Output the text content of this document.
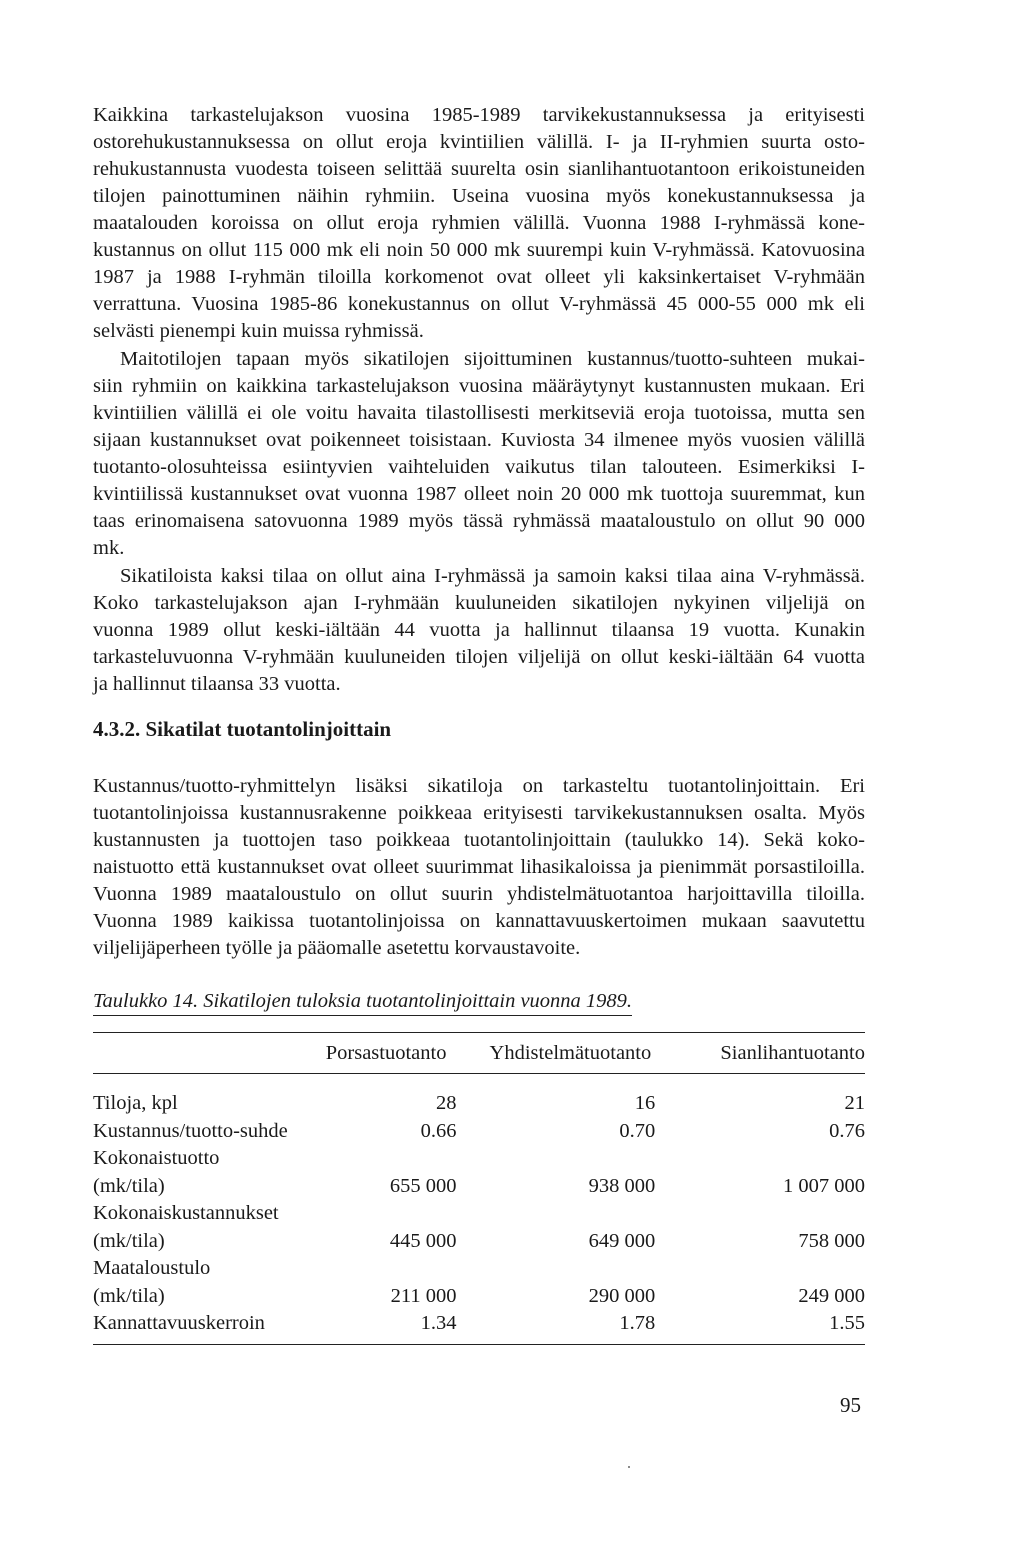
Kaikkina tarkastelujakson vuosina 1985-1989 tarvikekustannuksessa ja erityisesti
ostorehukustannuksessa on ollut eroja kvintiilien välillä. I- ja II-ryhmien suurta osto-
rehukustannusta vuodesta toiseen selittää suurelta osin sianlihantuotantoon erikoistuneiden
tilojen painottuminen näihin ryhmiin. Useina vuosina myös konekustannuksessa ja
maatalouden koroissa on ollut eroja ryhmien välillä. Vuonna 1988 I-ryhmässä kone-
kustannus on ollut 115 000 mk eli noin 50 000 mk suurempi kuin V-ryhmässä. Katovuosina
1987 ja 1988 I-ryhmän tiloilla korkomenot ovat olleet yli kaksinkertaiset V-ryhmään
verrattuna. Vuosina 1985-86 konekustannus on ollut V-ryhmässä 45 000-55 000 mk eli
selvästi pienempi kuin muissa ryhmissä.
Maitotilojen tapaan myös sikatilojen sijoittuminen kustannus/tuotto-suhteen mukai-
siin ryhmiin on kaikkina tarkastelujakson vuosina määräytynyt kustannusten mukaan. Eri
kvintiilien välillä ei ole voitu havaita tilastollisesti merkitseviä eroja tuotoissa, mutta sen
sijaan kustannukset ovat poikenneet toisistaan. Kuviosta 34 ilmenee myös vuosien välillä
tuotanto-olosuhteissa esiintyvien vaihteluiden vaikutus tilan talouteen. Esimerkiksi I-
kvintiilissä kustannukset ovat vuonna 1987 olleet noin 20 000 mk tuottoja suuremmat, kun
taas erinomaisena satovuonna 1989 myös tässä ryhmässä maataloustulo on ollut 90 000
mk.
Sikatiloista kaksi tilaa on ollut aina I-ryhmässä ja samoin kaksi tilaa aina V-ryhmässä.
Koko tarkastelujakson ajan I-ryhmään kuuluneiden sikatilojen nykyinen viljelijä on
vuonna 1989 ollut keski-iältään 44 vuotta ja hallinnut tilaansa 19 vuotta. Kunakin
tarkasteluvuonna V-ryhmään kuuluneiden tilojen viljelijä on ollut keski-iältään 64 vuotta
ja hallinnut tilaansa 33 vuotta.
4.3.2. Sikatilat tuotantolinjoittain
Kustannus/tuotto-ryhmittelyn lisäksi sikatiloja on tarkasteltu tuotantolinjoittain. Eri
tuotantolinjoissa kustannusrakenne poikkeaa erityisesti tarvikekustannuksen osalta. Myös
kustannusten ja tuottojen taso poikkeaa tuotantolinjoittain (taulukko 14). Sekä koko-
naistuotto että kustannukset ovat olleet suurimmat lihasikaloissa ja pienimmät porsastiloilla.
Vuonna 1989 maataloustulo on ollut suurin yhdistelmätuotantoa harjoittavilla tiloilla.
Vuonna 1989 kaikissa tuotantolinjoissa on kannattavuuskertoimen mukaan saavutettu
viljelijäperheen työlle ja pääomalle asetettu korvaustavoite.

Taulukko 14. Sikatilojen tuloksia tuotantolinjoittain vuonna 1989.

	Porsastuotanto	Yhdistelmätuotanto	Sianlihantuotanto

Tiloja, kpl	28	16	21
Kustannus/tuotto-suhde	0.66	0.70	0.76

Kokonaistuotto
(mk/tila)	655 000	938 000	1 007 000

Kokonaiskustannukset
(mk/tila)	445 000	649 000	758 000

Maataloustulo
(mk/tila)	211 000	290 000	249 000
Kannattavuuskerroin	1.34	1.78	1.55

95
